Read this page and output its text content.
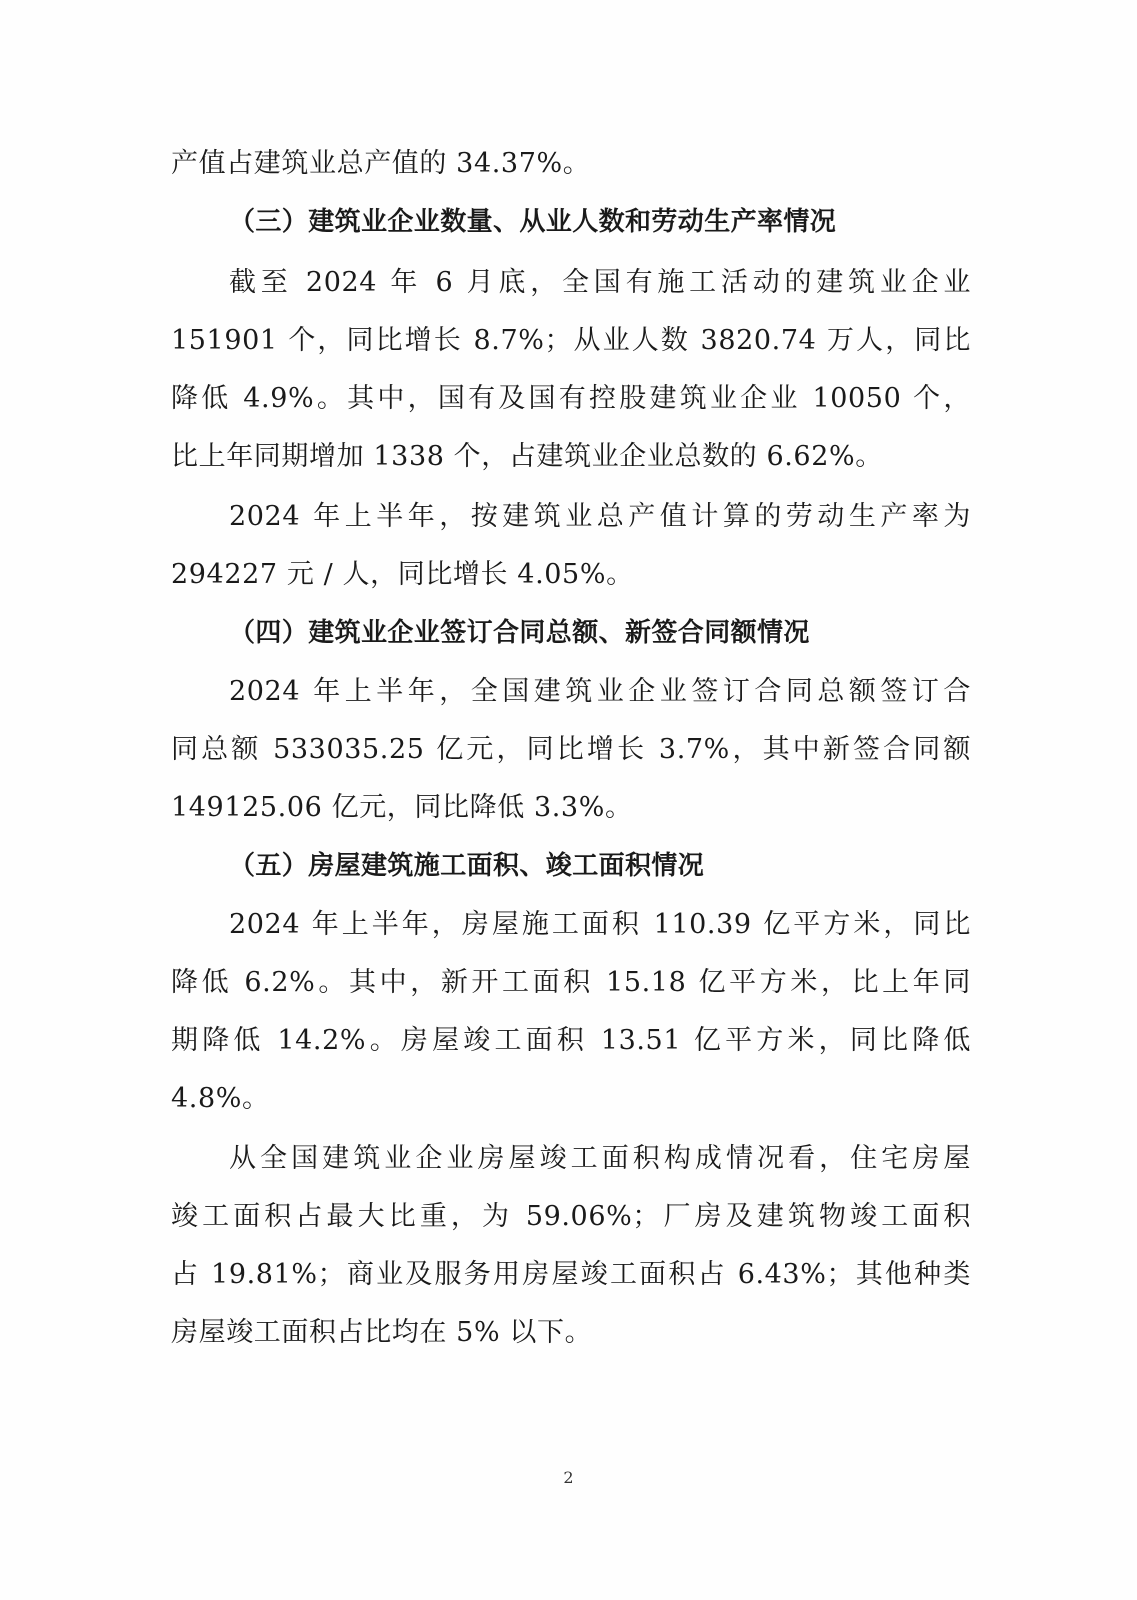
产值占建筑业总产值的 34.37%。
（三）建筑业企业数量、从业人数和劳动生产率情况
截至 2024 年 6 月底，全国有施工活动的建筑业企业
151901 个，同比增长 8.7%；从业人数 3820.74 万人，同比
降低 4.9%。其中，国有及国有控股建筑业企业 10050 个，
比上年同期增加 1338 个，占建筑业企业总数的 6.62%。
2024 年上半年，按建筑业总产值计算的劳动生产率为
294227 元 / 人，同比增长 4.05%。
（四）建筑业企业签订合同总额、新签合同额情况
2024 年上半年，全国建筑业企业签订合同总额签订合
同总额 533035.25 亿元，同比增长 3.7%，其中新签合同额
149125.06 亿元，同比降低 3.3%。
（五）房屋建筑施工面积、竣工面积情况
2024 年上半年，房屋施工面积 110.39 亿平方米，同比
降低 6.2%。其中，新开工面积 15.18 亿平方米，比上年同
期降低 14.2%。房屋竣工面积 13.51 亿平方米，同比降低
4.8%。
从全国建筑业企业房屋竣工面积构成情况看，住宅房屋
竣工面积占最大比重，为 59.06%；厂房及建筑物竣工面积
占 19.81%；商业及服务用房屋竣工面积占 6.43%；其他种类
房屋竣工面积占比均在 5% 以下。
2
